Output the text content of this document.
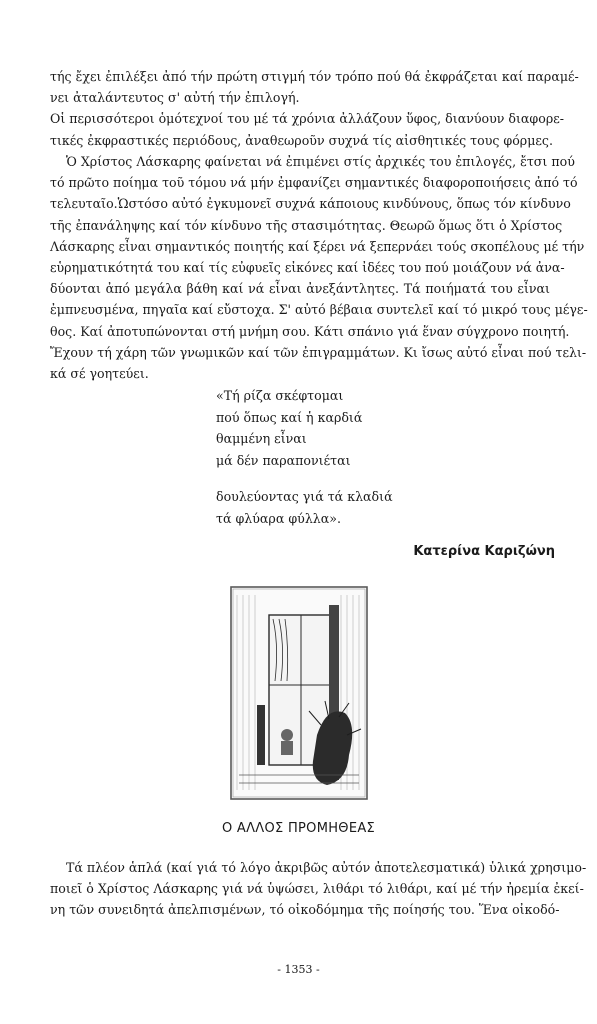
τής ἔχει ἐπιλέξει ἀπό τήν πρώτη στιγμή τόν τρόπο πού θά ἐκφράζεται καί παραμέ-
νει ἀταλάντευτος σ' αὐτή τήν ἐπιλογή.
Οἱ περισσότεροι ὁμότεχνοί του μέ τά χρόνια ἀλλάζουν ὕφος, διανύουν διαφορε-
τικές ἐκφραστικές περιόδους, ἀναθεωροῦν συχνά τίς αἰσθητικές τους φόρμες.
Ὁ Χρίστος Λάσκαρης φαίνεται νά ἐπιμένει στίς ἀρχικές του ἐπιλογές, ἔτσι πού
τό πρῶτο ποίημα τοῦ τόμου νά μήν ἐμφανίζει σημαντικές διαφοροποιήσεις ἀπό τό
τελευταῖο.Ὡστόσο αὐτό ἐγκυμονεῖ συχνά κάποιους κινδύνους, ὅπως τόν κίνδυνο
τῆς ἐπανάληψης καί τόν κίνδυνο τῆς στασιμότητας. Θεωρῶ ὅμως ὅτι ὁ Χρίστος
Λάσκαρης εἶναι σημαντικός ποιητής καί ξέρει νά ξεπερνάει τούς σκοπέλους μέ τήν
εὑρηματικότητά του καί τίς εὐφυεῖς εἰκόνες καί ἰδέες του πού μοιάζουν νά ἀνα-
δύονται ἀπό μεγάλα βάθη καί νά εἶναι ἀνεξάντλητες. Τά ποιήματά του εἶναι
ἐμπνευσμένα, πηγαῖα καί εὔστοχα. Σ' αὐτό βέβαια συντελεῖ καί τό μικρό τους μέγε-
θος. Καί ἀποτυπώνονται στή μνήμη σου. Κάτι σπάνιο γιά ἕναν σύγχρονο ποιητή.
Ἔχουν τή χάρη τῶν γνωμικῶν καί τῶν ἐπιγραμμάτων. Κι ἴσως αὐτό εἶναι πού τελι-
κά σέ γοητεύει.
«Τή ρίζα σκέφτομαι
πού ὅπως καί ἡ καρδιά
θαμμένη εἶναι
μά δέν παραπονιέται
δουλεύοντας γιά τά κλαδιά
τά φλύαρα φύλλα».
Κατερίνα Καριζώνη
Ο ΑΛΛΟΣ ΠΡΟΜΗΘΕΑΣ
Τά πλέον ἁπλά (καί γιά τό λόγο ἀκριβῶς αὐτόν ἀποτελεσματικά) ὑλικά χρησιμο-
ποιεῖ ὁ Χρίστος Λάσκαρης γιά νά ὑψώσει, λιθάρι τό λιθάρι, καί μέ τήν ἠρεμία ἐκεί-
νη τῶν συνειδητά ἀπελπισμένων, τό οἰκοδόμημα τῆς ποίησής του. Ἕνα οἰκοδό-
- 1353 -
